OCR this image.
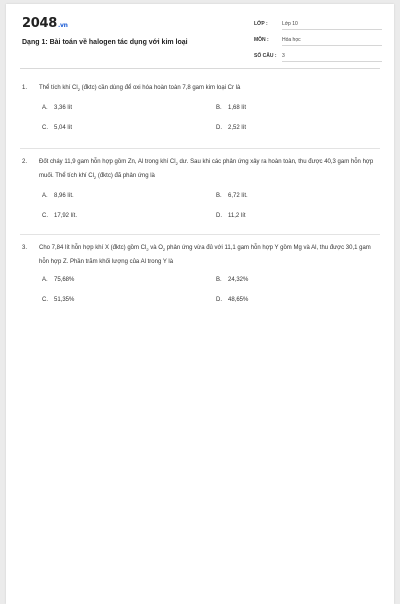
2048.vn
Dạng 1: Bài toán về halogen tác dụng với kim loại
LỚP :	Lớp 10
MÔN :	Hóa học
SỐ CÂU :	3
1.	Thể tích khí $Cl_2$ (đktc) cần dùng để oxi hóa hoàn toàn 7,8 gam kim loại Cr là
A. 3,36 lít	B. 1,68 lít
C. 5,04 lít	D. 2,52 lít
2.	Đốt cháy 11,9 gam hỗn hợp gồm Zn, Al trong khí $Cl_2$ dư. Sau khi các phản ứng xảy ra hoàn toàn, thu được 40,3 gam hỗn hợp muối. Thể tích khí $Cl_2$ (đktc) đã phản ứng là
A. 8,96 lít.	B. 6,72 lít.
C. 17,92 lít.	D. 11,2 lít
3.	Cho 7,84 lít hỗn hợp khí X (đktc) gồm $Cl_2$ và $O_2$ phản ứng vừa đủ với 11,1 gam hỗn hợp Y gồm Mg và Al, thu được 30,1 gam hỗn hợp Z. Phần trăm khối lượng của Al trong Y là
A. 75,68%	B. 24,32%
C. 51,35%	D. 48,65%
